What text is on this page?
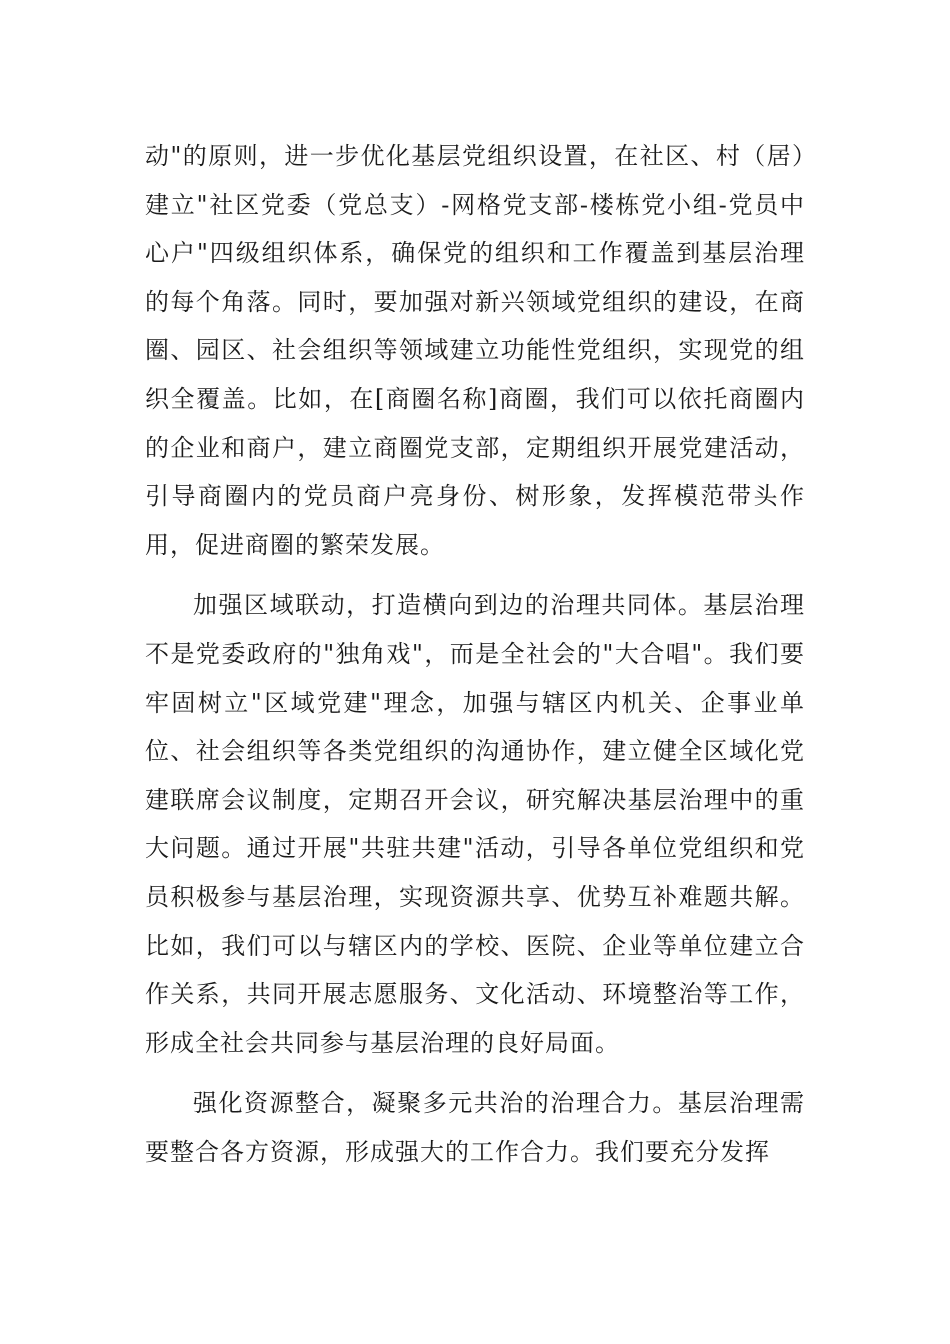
动"的原则，进一步优化基层党组织设置，在社区、村（居）建立"社区党委（党总支）-网格党支部-楼栋党小组-党员中心户"四级组织体系，确保党的组织和工作覆盖到基层治理的每个角落。同时，要加强对新兴领域党组织的建设，在商圈、园区、社会组织等领域建立功能性党组织，实现党的组织全覆盖。比如，在[商圈名称]商圈，我们可以依托商圈内的企业和商户，建立商圈党支部，定期组织开展党建活动，引导商圈内的党员商户亮身份、树形象，发挥模范带头作用，促进商圈的繁荣发展。

加强区域联动，打造横向到边的治理共同体。基层治理不是党委政府的"独角戏"，而是全社会的"大合唱"。我们要牢固树立"区域党建"理念，加强与辖区内机关、企事业单位、社会组织等各类党组织的沟通协作，建立健全区域化党建联席会议制度，定期召开会议，研究解决基层治理中的重大问题。通过开展"共驻共建"活动，引导各单位党组织和党员积极参与基层治理，实现资源共享、优势互补难题共解。比如，我们可以与辖区内的学校、医院、企业等单位建立合作关系，共同开展志愿服务、文化活动、环境整治等工作，形成全社会共同参与基层治理的良好局面。

强化资源整合，凝聚多元共治的治理合力。基层治理需要整合各方资源，形成强大的工作合力。我们要充分发挥
